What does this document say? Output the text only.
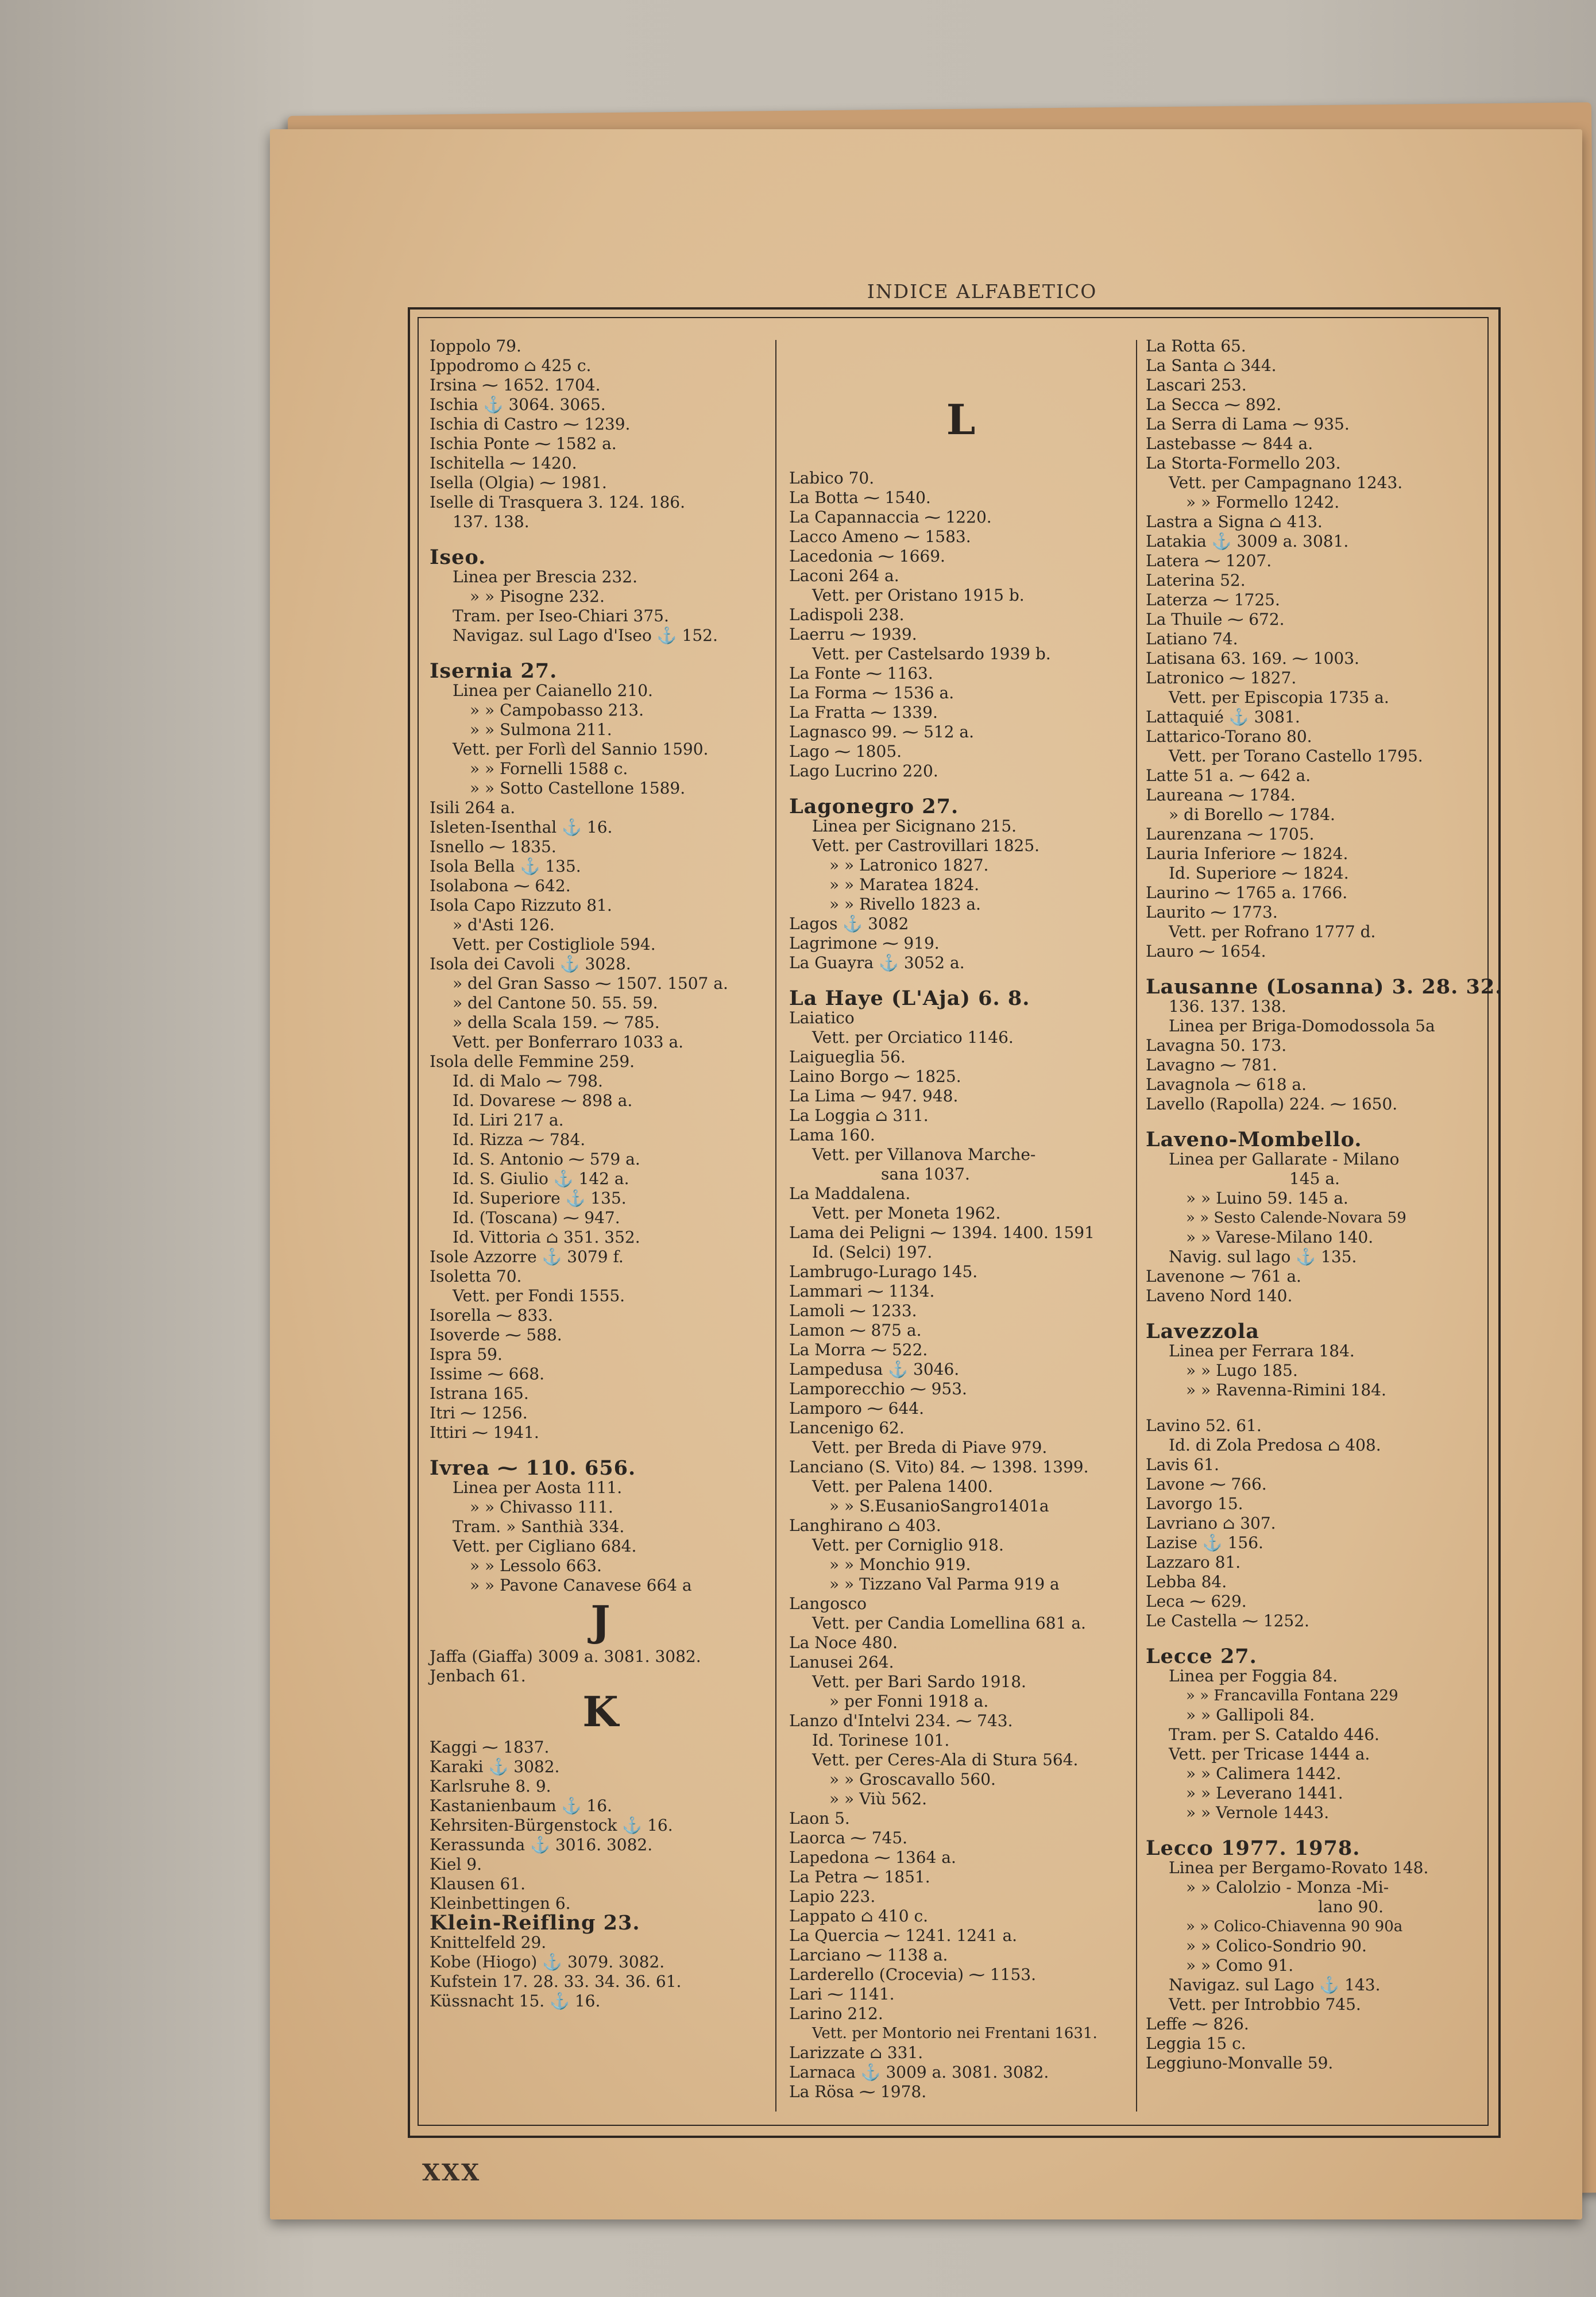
INDICE ALFABETICO
Ioppolo 79.
Ippodromo ⌂ 425 c.
Irsina ⁓ 1652. 1704.
Ischia ⚓ 3064. 3065.
Ischia di Castro ⁓ 1239.
Ischia Ponte ⁓ 1582 a.
Ischitella ⁓ 1420.
Isella (Olgia) ⁓ 1981.
Iselle di Trasquera 3. 124. 186.
137. 138.
Iseo.
Linea per Brescia 232.
» » Pisogne 232.
Tram. per Iseo-Chiari 375.
Navigaz. sul Lago d'Iseo ⚓ 152.
Isernia 27.
Linea per Caianello 210.
» » Campobasso 213.
» » Sulmona 211.
Vett. per Forlì del Sannio 1590.
» » Fornelli 1588 c.
» » Sotto Castellone 1589.
Isili 264 a.
Isleten-Isenthal ⚓ 16.
Isnello ⁓ 1835.
Isola Bella ⚓ 135.
Isolabona ⁓ 642.
Isola Capo Rizzuto 81.
» d'Asti 126.
Vett. per Costigliole 594.
Isola dei Cavoli ⚓ 3028.
» del Gran Sasso ⁓ 1507. 1507 a.
» del Cantone 50. 55. 59.
» della Scala 159. ⁓ 785.
Vett. per Bonferraro 1033 a.
Isola delle Femmine 259.
Id. di Malo ⁓ 798.
Id. Dovarese ⁓ 898 a.
Id. Liri 217 a.
Id. Rizza ⁓ 784.
Id. S. Antonio ⁓ 579 a.
Id. S. Giulio ⚓ 142 a.
Id. Superiore ⚓ 135.
Id. (Toscana) ⁓ 947.
Id. Vittoria ⌂ 351. 352.
Isole Azzorre ⚓ 3079 f.
Isoletta 70.
Vett. per Fondi 1555.
Isorella ⁓ 833.
Isoverde ⁓ 588.
Ispra 59.
Issime ⁓ 668.
Istrana 165.
Itri ⁓ 1256.
Ittiri ⁓ 1941.
Ivrea ⁓ 110. 656.
Linea per Aosta 111.
» » Chivasso 111.
Tram. » Santhià 334.
Vett. per Cigliano 684.
» » Lessolo 663.
» » Pavone Canavese 664 a
J
Jaffa (Giaffa) 3009 a. 3081. 3082.
Jenbach 61.
K
Kaggi ⁓ 1837.
Karaki ⚓ 3082.
Karlsruhe 8. 9.
Kastanienbaum ⚓ 16.
Kehrsiten-Bürgenstock ⚓ 16.
Kerassunda ⚓ 3016. 3082.
Kiel 9.
Klausen 61.
Kleinbettingen 6.
Klein-Reifling 23.
Knittelfeld 29.
Kobe (Hiogo) ⚓ 3079. 3082.
Kufstein 17. 28. 33. 34. 36. 61.
Küssnacht 15. ⚓ 16.
L
Labico 70.
La Botta ⁓ 1540.
La Capannaccia ⁓ 1220.
Lacco Ameno ⁓ 1583.
Lacedonia ⁓ 1669.
Laconi 264 a.
Vett. per Oristano 1915 b.
Ladispoli 238.
Laerru ⁓ 1939.
Vett. per Castelsardo 1939 b.
La Fonte ⁓ 1163.
La Forma ⁓ 1536 a.
La Fratta ⁓ 1339.
Lagnasco 99. ⁓ 512 a.
Lago ⁓ 1805.
Lago Lucrino 220.
Lagonegro 27.
Linea per Sicignano 215.
Vett. per Castrovillari 1825.
» » Latronico 1827.
» » Maratea 1824.
» » Rivello 1823 a.
Lagos ⚓ 3082
Lagrimone ⁓ 919.
La Guayra ⚓ 3052 a.
La Haye (L'Aja) 6. 8.
Laiatico
Vett. per Orciatico 1146.
Laigueglia 56.
Laino Borgo ⁓ 1825.
La Lima ⁓ 947. 948.
La Loggia ⌂ 311.
Lama 160.
Vett. per Villanova Marche-
sana 1037.
La Maddalena.
Vett. per Moneta 1962.
Lama dei Peligni ⁓ 1394. 1400. 1591
Id. (Selci) 197.
Lambrugo-Lurago 145.
Lammari ⁓ 1134.
Lamoli ⁓ 1233.
Lamon ⁓ 875 a.
La Morra ⁓ 522.
Lampedusa ⚓ 3046.
Lamporecchio ⁓ 953.
Lamporo ⁓ 644.
Lancenigo 62.
Vett. per Breda di Piave 979.
Lanciano (S. Vito) 84. ⁓ 1398. 1399.
Vett. per Palena 1400.
» » S.EusanioSangro1401a
Langhirano ⌂ 403.
Vett. per Corniglio 918.
» » Monchio 919.
» » Tizzano Val Parma 919 a
Langosco
Vett. per Candia Lomellina 681 a.
La Noce 480.
Lanusei 264.
Vett. per Bari Sardo 1918.
» per Fonni 1918 a.
Lanzo d'Intelvi 234. ⁓ 743.
Id. Torinese 101.
Vett. per Ceres-Ala di Stura 564.
» » Groscavallo 560.
» » Viù 562.
Laon 5.
Laorca ⁓ 745.
Lapedona ⁓ 1364 a.
La Petra ⁓ 1851.
Lapio 223.
Lappato ⌂ 410 c.
La Quercia ⁓ 1241. 1241 a.
Larciano ⁓ 1138 a.
Larderello (Crocevia) ⁓ 1153.
Lari ⁓ 1141.
Larino 212.
Vett. per Montorio nei Frentani 1631.
Larizzate ⌂ 331.
Larnaca ⚓ 3009 a. 3081. 3082.
La Rösa ⁓ 1978.
La Rotta 65.
La Santa ⌂ 344.
Lascari 253.
La Secca ⁓ 892.
La Serra di Lama ⁓ 935.
Lastebasse ⁓ 844 a.
La Storta-Formello 203.
Vett. per Campagnano 1243.
» » Formello 1242.
Lastra a Signa ⌂ 413.
Latakia ⚓ 3009 a. 3081.
Latera ⁓ 1207.
Laterina 52.
Laterza ⁓ 1725.
La Thuile ⁓ 672.
Latiano 74.
Latisana 63. 169. ⁓ 1003.
Latronico ⁓ 1827.
Vett. per Episcopia 1735 a.
Lattaquié ⚓ 3081.
Lattarico-Torano 80.
Vett. per Torano Castello 1795.
Latte 51 a. ⁓ 642 a.
Laureana ⁓ 1784.
» di Borello ⁓ 1784.
Laurenzana ⁓ 1705.
Lauria Inferiore ⁓ 1824.
Id. Superiore ⁓ 1824.
Laurino ⁓ 1765 a. 1766.
Laurito ⁓ 1773.
Vett. per Rofrano 1777 d.
Lauro ⁓ 1654.
Lausanne (Losanna) 3. 28. 32.
136. 137. 138.
Linea per Briga-Domodossola 5a
Lavagna 50. 173.
Lavagno ⁓ 781.
Lavagnola ⁓ 618 a.
Lavello (Rapolla) 224. ⁓ 1650.
Laveno-Mombello.
Linea per Gallarate - Milano
145 a.
» » Luino 59. 145 a.
» » Sesto Calende-Novara 59
» » Varese-Milano 140.
Navig. sul lago ⚓ 135.
Lavenone ⁓ 761 a.
Laveno Nord 140.
Lavezzola
Linea per Ferrara 184.
» » Lugo 185.
» » Ravenna-Rimini 184.
Lavino 52. 61.
Id. di Zola Predosa ⌂ 408.
Lavis 61.
Lavone ⁓ 766.
Lavorgo 15.
Lavriano ⌂ 307.
Lazise ⚓ 156.
Lazzaro 81.
Lebba 84.
Leca ⁓ 629.
Le Castella ⁓ 1252.
Lecce 27.
Linea per Foggia 84.
» » Francavilla Fontana 229
» » Gallipoli 84.
Tram. per S. Cataldo 446.
Vett. per Tricase 1444 a.
» » Calimera 1442.
» » Leverano 1441.
» » Vernole 1443.
Lecco 1977. 1978.
Linea per Bergamo-Rovato 148.
» » Calolzio - Monza -Mi-
lano 90.
» » Colico-Chiavenna 90 90a
» » Colico-Sondrio 90.
» » Como 91.
Navigaz. sul Lago ⚓ 143.
Vett. per Introbbio 745.
Leffe ⁓ 826.
Leggia 15 c.
Leggiuno-Monvalle 59.
XXX
